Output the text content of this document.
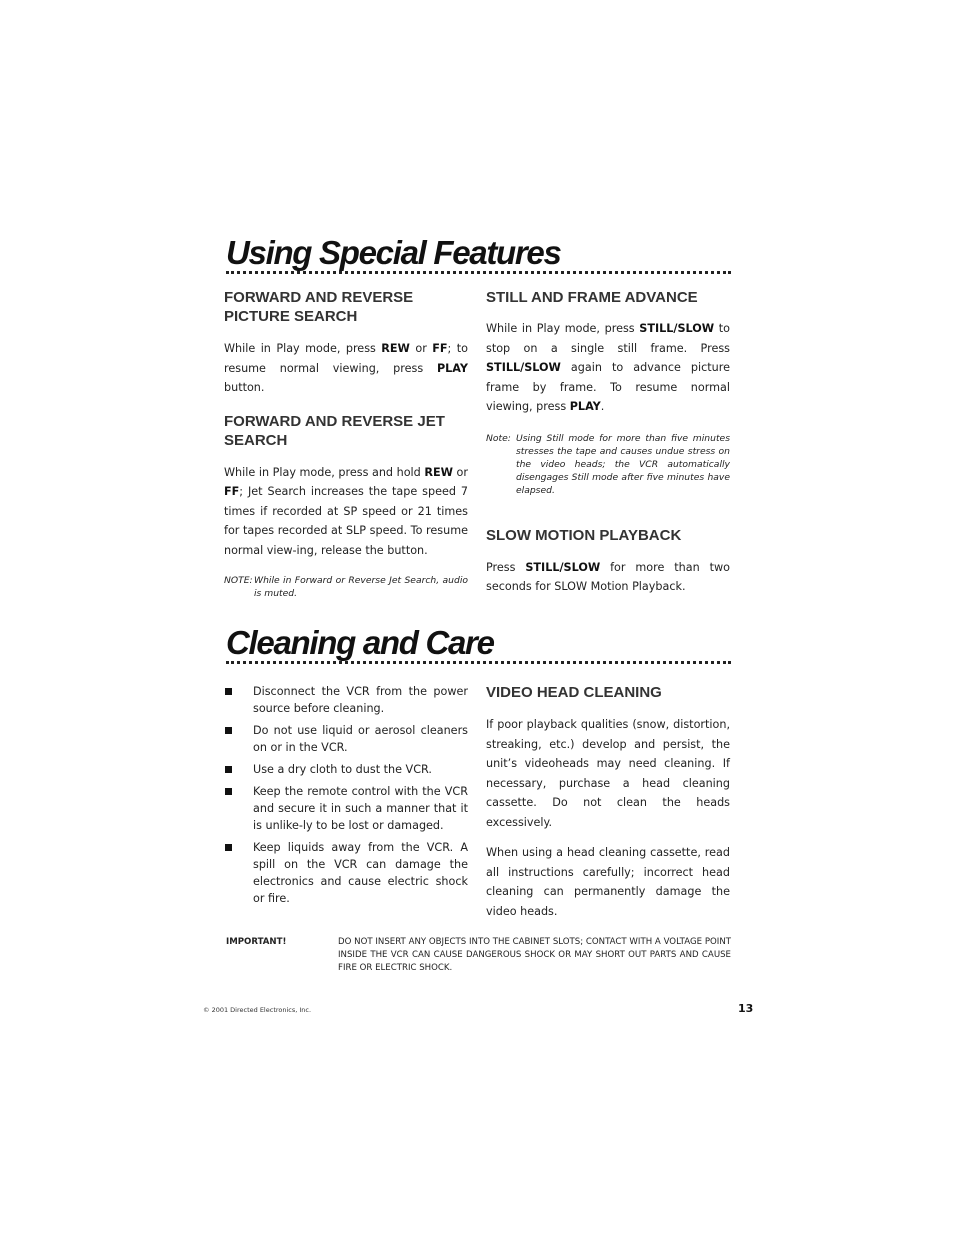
Using Special Features
FORWARD AND REVERSE PICTURE SEARCH

While in Play mode, press REW or FF; to resume normal viewing, press PLAY button.

FORWARD AND REVERSE JET SEARCH

While in Play mode, press and hold REW or FF; Jet Search increases the tape speed 7 times if recorded at SP speed or 21 times for tapes recorded at SLP speed. To resume normal view-ing, release the button.

NOTE: While in Forward or Reverse Jet Search, audio is muted.
STILL AND FRAME ADVANCE

While in Play mode, press STILL/SLOW to stop on a single still frame. Press STILL/SLOW again to advance picture frame by frame. To resume normal viewing, press PLAY.

Note: Using Still mode for more than five minutes stresses the tape and causes undue stress on the video heads; the VCR automatically disengages Still mode after five minutes have elapsed.
SLOW MOTION PLAYBACK

Press STILL/SLOW for more than two seconds for SLOW Motion Playback.

Cleaning and Care
Disconnect the VCR from the power source before cleaning.
Do not use liquid or aerosol cleaners on or in the VCR.
Use a dry cloth to dust the VCR.
Keep the remote control with the VCR and secure it in such a manner that it is unlike-ly to be lost or damaged.
Keep liquids away from the VCR. A spill on the VCR can damage the electronics and cause electric shock or fire.
VIDEO HEAD CLEANING

If poor playback qualities (snow, distortion, streaking, etc.) develop and persist, the unit’s videoheads may need cleaning. If necessary, purchase a head cleaning cassette. Do not clean the heads excessively.

When using a head cleaning cassette, read all instructions carefully; incorrect head cleaning can permanently damage the video heads.

IMPORTANT!	DO NOT INSERT ANY OBJECTS INTO THE CABINET SLOTS; CONTACT WITH A VOLTAGE POINT INSIDE THE VCR CAN CAUSE DANGEROUS SHOCK OR MAY SHORT OUT PARTS AND CAUSE FIRE OR ELECTRIC SHOCK.
© 2001 Directed Electronics, Inc.	13
